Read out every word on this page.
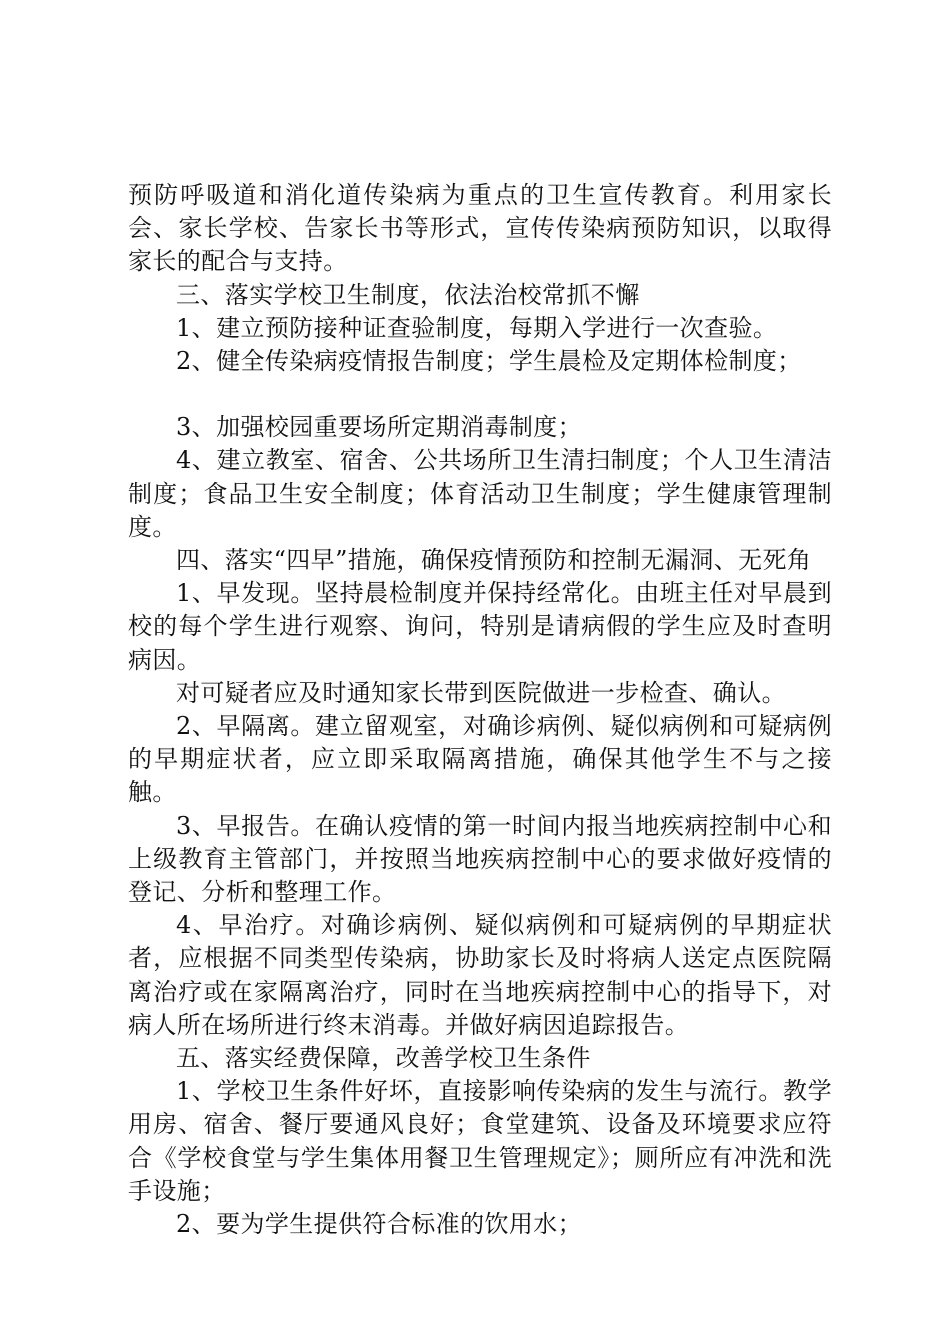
预防呼吸道和消化道传染病为重点的卫生宣传教育。利用家长会、家长学校、告家长书等形式，宣传传染病预防知识，以取得家长的配合与支持。

三、落实学校卫生制度，依法治校常抓不懈

1、建立预防接种证查验制度，每期入学进行一次查验。

2、健全传染病疫情报告制度；学生晨检及定期体检制度；

3、加强校园重要场所定期消毒制度；

4、建立教室、宿舍、公共场所卫生清扫制度；个人卫生清洁制度；食品卫生安全制度；体育活动卫生制度；学生健康管理制度。

四、落实“四早”措施，确保疫情预防和控制无漏洞、无死角

1、早发现。坚持晨检制度并保持经常化。由班主任对早晨到校的每个学生进行观察、询问，特别是请病假的学生应及时查明病因。

对可疑者应及时通知家长带到医院做进一步检查、确认。

2、早隔离。建立留观室，对确诊病例、疑似病例和可疑病例的早期症状者，应立即采取隔离措施，确保其他学生不与之接触。

3、早报告。在确认疫情的第一时间内报当地疾病控制中心和上级教育主管部门，并按照当地疾病控制中心的要求做好疫情的登记、分析和整理工作。

4、早治疗。对确诊病例、疑似病例和可疑病例的早期症状者，应根据不同类型传染病，协助家长及时将病人送定点医院隔离治疗或在家隔离治疗，同时在当地疾病控制中心的指导下，对病人所在场所进行终末消毒。并做好病因追踪报告。

五、落实经费保障，改善学校卫生条件

1、学校卫生条件好坏，直接影响传染病的发生与流行。教学用房、宿舍、餐厅要通风良好；食堂建筑、设备及环境要求应符合《学校食堂与学生集体用餐卫生管理规定》；厕所应有冲洗和洗手设施；

2、要为学生提供符合标准的饮用水；
